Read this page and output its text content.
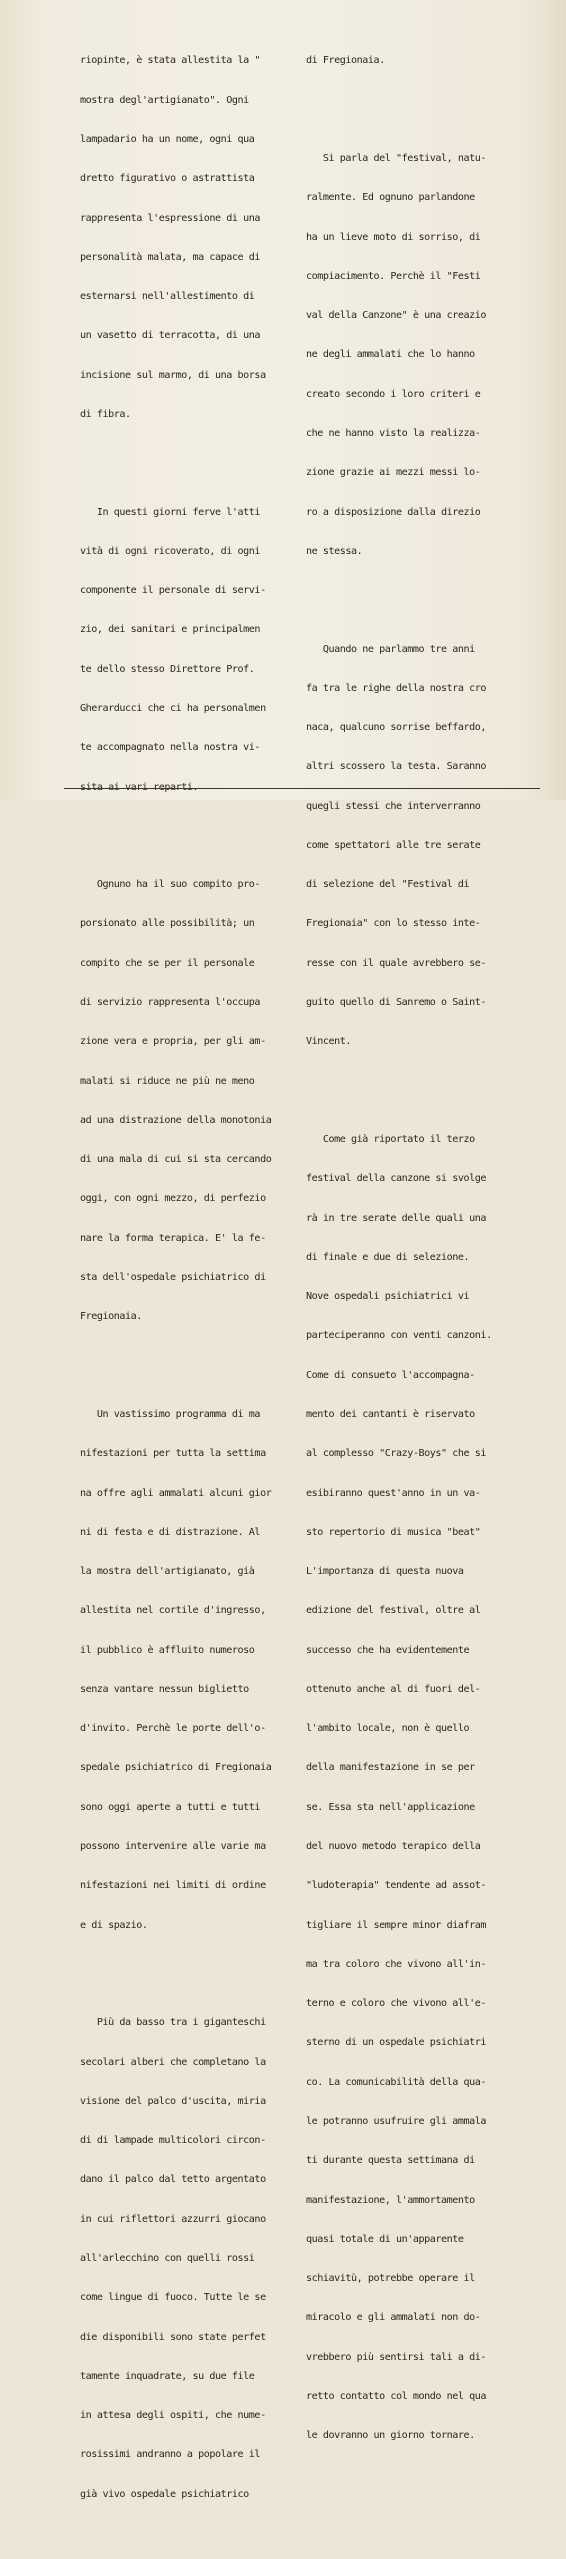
riopinte, è stata allestita la "

mostra degl'artigianato". Ogni

lampadario ha un nome, ogni qua

dretto figurativo o astrattista

rappresenta l'espressione di una

personalità malata, ma capace di

esternarsi nell'allestimento di

un vasetto di terracotta, di una

incisione sul marmo, di una borsa

di fibra.

In questi giorni ferve l'atti

vità di ogni ricoverato, di ogni

componente il personale di servi-

zio, dei sanitari e principalmen

te dello stesso Direttore Prof.

Gherarducci che ci ha personalmen

te accompagnato nella nostra vi-

Ognuno ha il suo compito pro-

porsionato alle possibilità; un

compito che se per il personale

di servizio rappresenta l'occupa

zione vera e propria, per gli am-

malati si riduce ne più ne meno

ad una distrazione della monotonia

di una mala di cui si sta cercando

oggi, con ogni mezzo, di perfezio

nare la forma terapica. E' la fe-

sta dell'ospedale psichiatrico di

Fregionaia.

Un vastissimo programma di ma

nifestazioni per tutta la settima

na offre agli ammalati alcuni gior

ni di festa e di distrazione. Al

la mostra dell'artigianato, già

allestita nel cortile d'ingresso,

il pubblico è affluito numeroso

senza vantare nessun biglietto

d'invito. Perchè le porte dell'o-

spedale psichiatrico di Fregionaia

sono oggi aperte a tutti e tutti

possono intervenire alle varie ma

nifestazioni nei limiti di ordine

e di spazio.

Più da basso tra i giganteschi

secolari alberi che completano la

visione del palco d'uscita, miria

di di lampade multicolori circon-

dano il palco dal tetto argentato

in cui riflettori azzurri giocano

all'arlecchino con quelli rossi

come lingue di fuoco. Tutte le se

die disponibili sono state perfet

tamente inquadrate, su due file

in attesa degli ospiti, che nume-

rosissimi andranno a popolare il

già vivo ospedale psichiatrico

di Fregionaia.

Si parla del "festival, natu-

ralmente. Ed ognuno parlandone

ha un lieve moto di sorriso, di

compiacimento. Perchè il "Festi

val della Canzone" è una creazio

ne degli ammalati che lo hanno

creato secondo i loro criteri e

che ne hanno visto la realizza-

zione grazie ai mezzi messi lo-

ro a disposizione dalla direzio

ne stessa.

Quando ne parlammo tre anni

fa tra le righe della nostra cro

naca, qualcuno sorrise beffardo,

altri scossero la testa. Saranno

quegli stessi che interverranno

come spettatori alle tre serate

di selezione del "Festival di

Fregionaia" con lo stesso inte-

resse con il quale avrebbero se-

guito quello di Sanremo o Saint-

Vincent.

Come già riportato il terzo

festival della canzone si svolge

rà in tre serate delle quali una

di finale e due di selezione.

Nove ospedali psichiatrici vi

parteciperanno con venti canzoni.

Come di consueto l'accompagna-

mento dei cantanti è riservato

al complesso "Crazy-Boys" che si

esibiranno quest'anno in un va-

sto repertorio di musica "beat"

L'importanza di questa nuova

edizione del festival, oltre al

successo che ha evidentemente

ottenuto anche al di fuori del-

l'ambito locale, non è quello

della manifestazione in se per

se. Essa sta nell'applicazione

del nuovo metodo terapico della

"ludoterapia" tendente ad assot-

tigliare il sempre minor diafram

ma tra coloro che vivono all'in-

terno e coloro che vivono all'e-

sterno di un ospedale psichiatri

co. La comunicabilità della qua-

le potranno usufruire gli ammala

ti durante questa settimana di

manifestazione, l'ammortamento

quasi totale di un'apparente

schiavitù, potrebbe operare il

miracolo e gli ammalati non do-

vrebbero più sentirsi tali a di-

retto contatto col mondo nel qua

le dovranno un giorno tornare.
